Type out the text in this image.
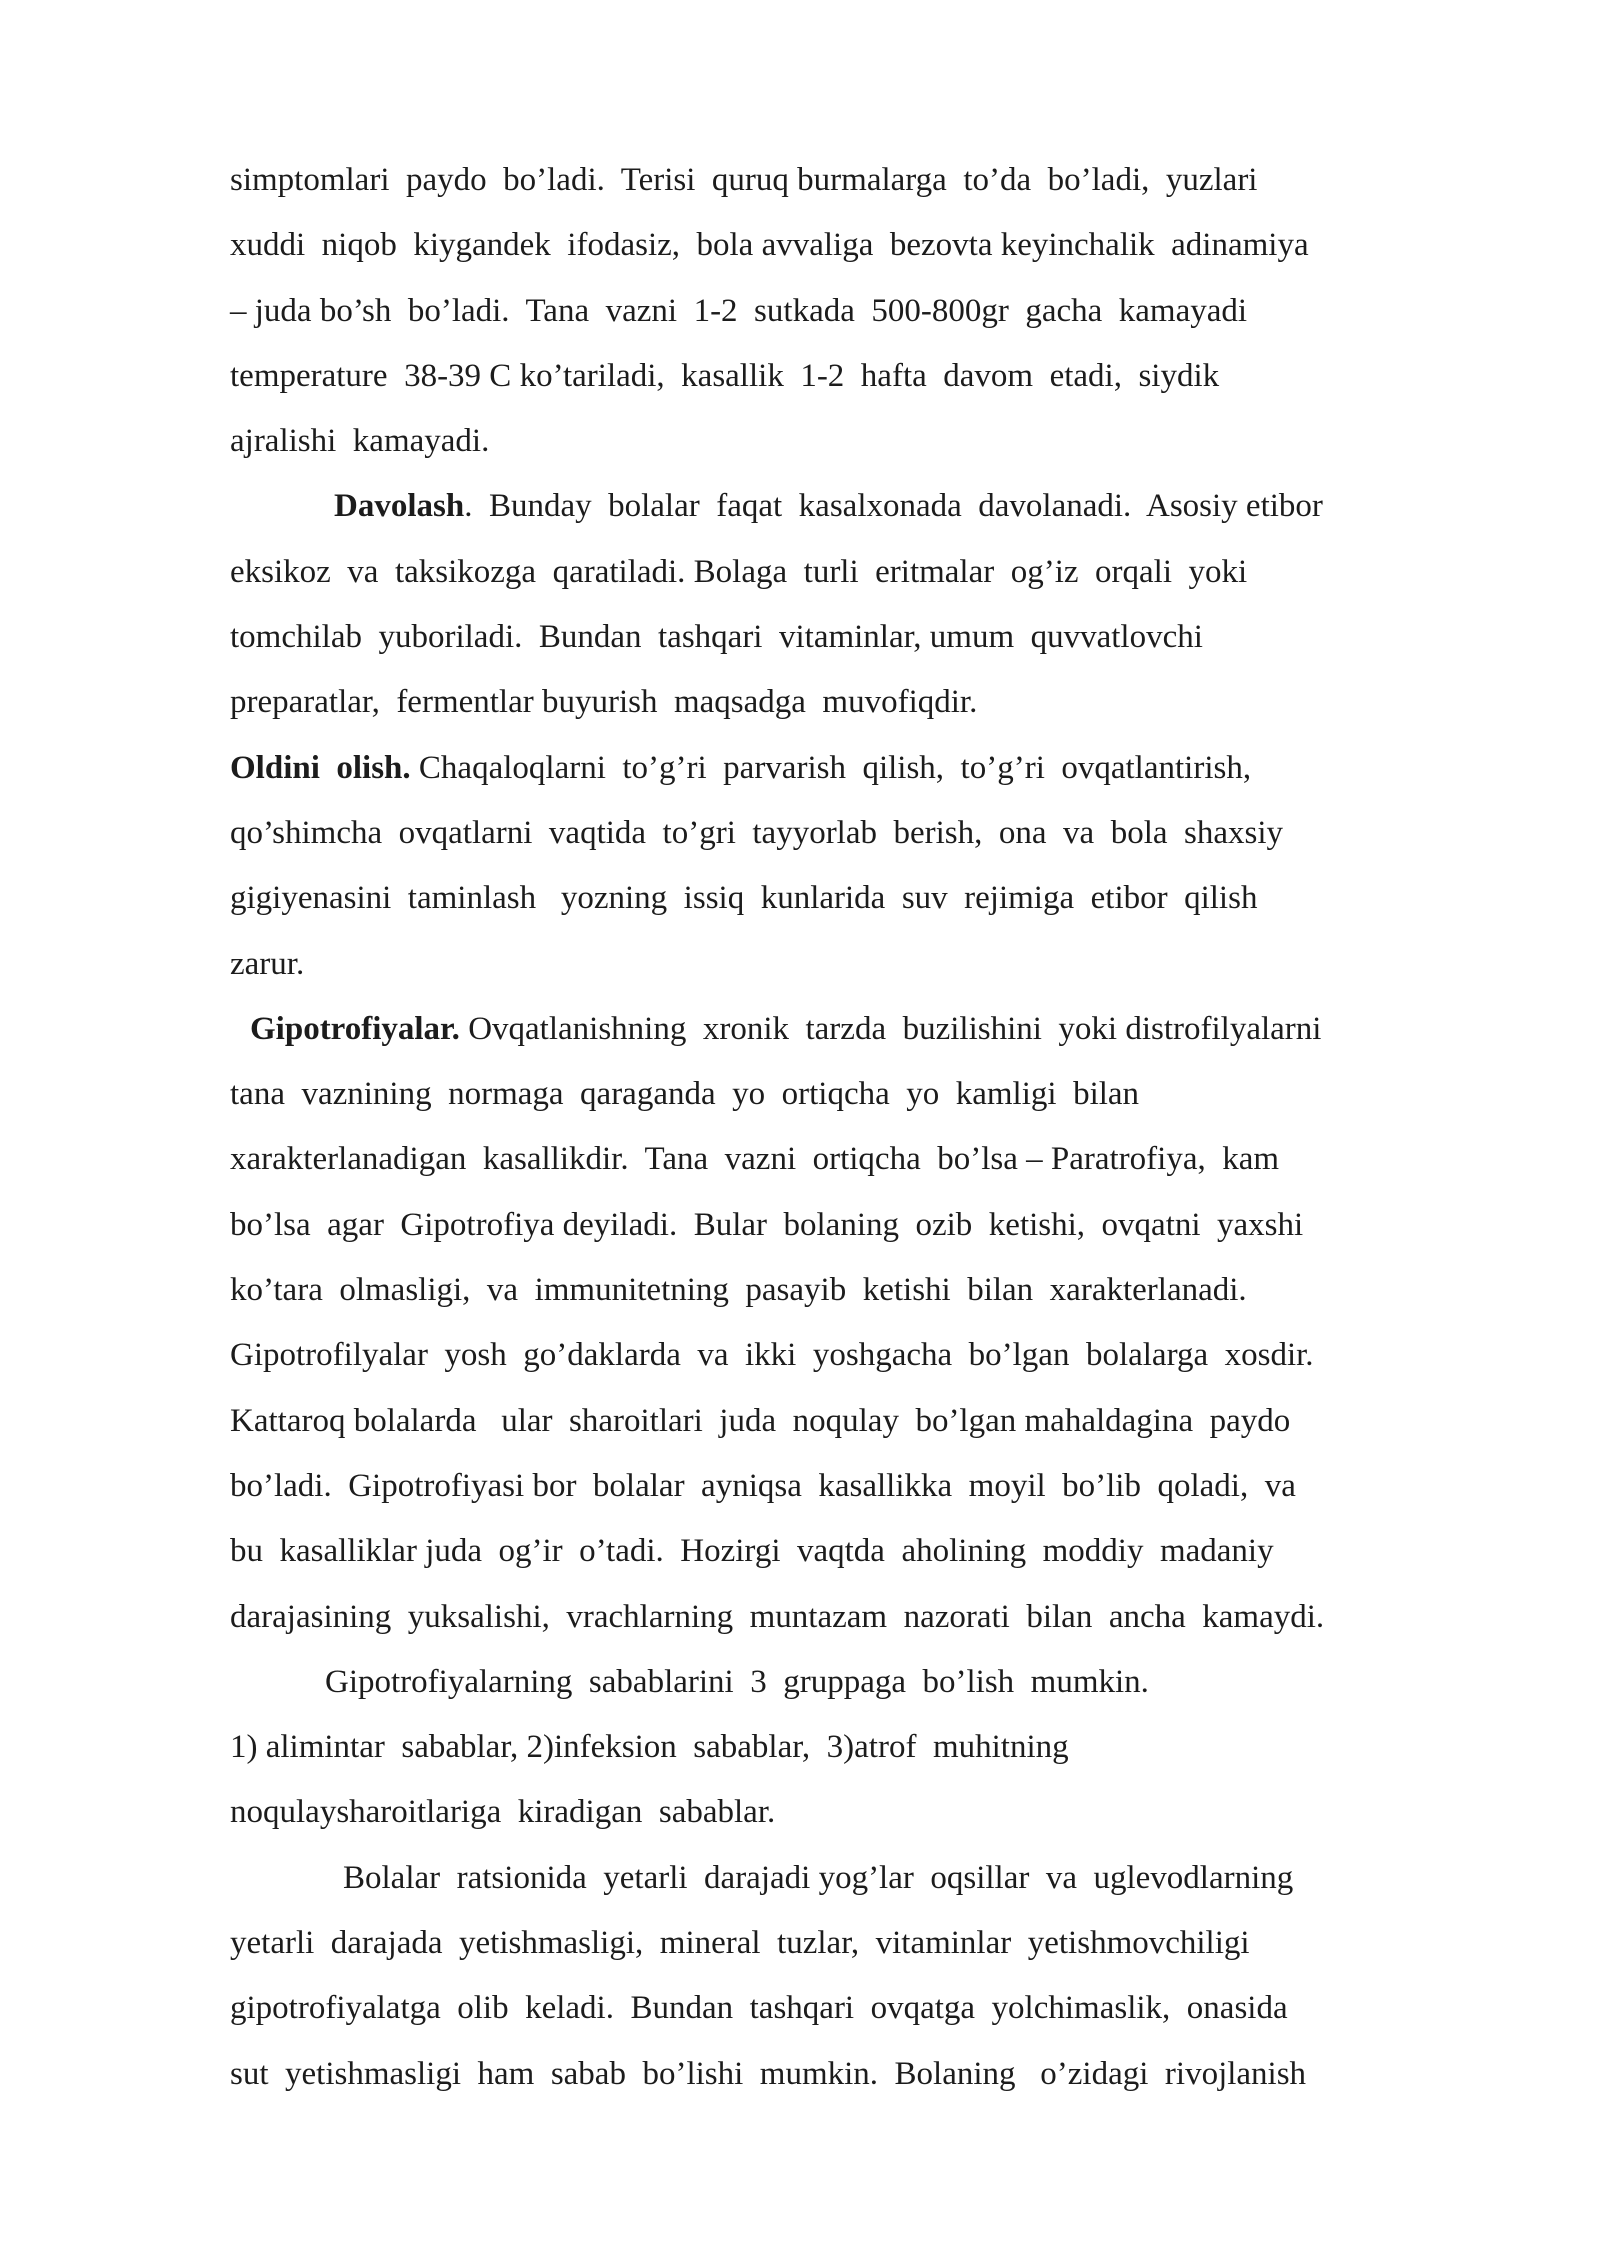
simptomlari  paydo  bo’ladi.  Terisi  quruq burmalarga  to’da  bo’ladi,  yuzlari
xuddi  niqob  kiygandek  ifodasiz,  bola avvaliga  bezovta keyinchalik  adinamiya
– juda bo’sh  bo’ladi.  Tana  vazni  1-2  sutkada  500-800gr  gacha  kamayadi
temperature  38-39 C ko’tariladi,  kasallik  1-2  hafta  davom  etadi,  siydik
ajralishi  kamayadi.
Davolash.  Bunday  bolalar  faqat  kasalxonada  davolanadi.  Asosiy etibor
eksikoz  va  taksikozga  qaratiladi. Bolaga  turli  eritmalar  og’iz  orqali  yoki
tomchilab  yuboriladi.  Bundan  tashqari  vitaminlar, umum  quvvatlovchi
preparatlar,  fermentlar buyurish  maqsadga  muvofiqdir.
Oldini  olish. Chaqaloqlarni  to’g’ri  parvarish  qilish,  to’g’ri  ovqatlantirish,
qo’shimcha  ovqatlarni  vaqtida  to’gri  tayyorlab  berish,  ona  va  bola  shaxsiy
gigiyenasini  taminlash   yozning  issiq  kunlarida  suv  rejimiga  etibor  qilish
zarur.
Gipotrofiyalar. Ovqatlanishning  xronik  tarzda  buzilishini  yoki distrofilyalarni
tana  vaznining  normaga  qaraganda  yo  ortiqcha  yo  kamligi  bilan
xarakterlanadigan  kasallikdir.  Tana  vazni  ortiqcha  bo’lsa – Paratrofiya,  kam
bo’lsa  agar  Gipotrofiya deyiladi.  Bular  bolaning  ozib  ketishi,  ovqatni  yaxshi
ko’tara  olmasligi,  va  immunitetning  pasayib  ketishi  bilan  xarakterlanadi.
Gipotrofilyalar  yosh  go’daklarda  va  ikki  yoshgacha  bo’lgan  bolalarga  xosdir.
Kattaroq bolalarda   ular  sharoitlari  juda  noqulay  bo’lgan mahaldagina  paydo
bo’ladi.  Gipotrofiyasi bor  bolalar  ayniqsa  kasallikka  moyil  bo’lib  qoladi,  va
bu  kasalliklar juda  og’ir  o’tadi.  Hozirgi  vaqtda  aholining  moddiy  madaniy
darajasining  yuksalishi,  vrachlarning  muntazam  nazorati  bilan  ancha  kamaydi.
Gipotrofiyalarning  sabablarini  3  gruppaga  bo’lish  mumkin.
1) alimintar  sabablar, 2)infeksion  sabablar,  3)atrof  muhitning
noqulaysharoitlariga  kiradigan  sabablar.
Bolalar  ratsionida  yetarli  darajadi yog’lar  oqsillar  va  uglevodlarning
yetarli  darajada  yetishmasligi,  mineral  tuzlar,  vitaminlar  yetishmovchiligi
gipotrofiyalatga  olib  keladi.  Bundan  tashqari  ovqatga  yolchimaslik,  onasida
sut  yetishmasligi  ham  sabab  bo’lishi  mumkin.  Bolaning   o’zidagi  rivojlanish
